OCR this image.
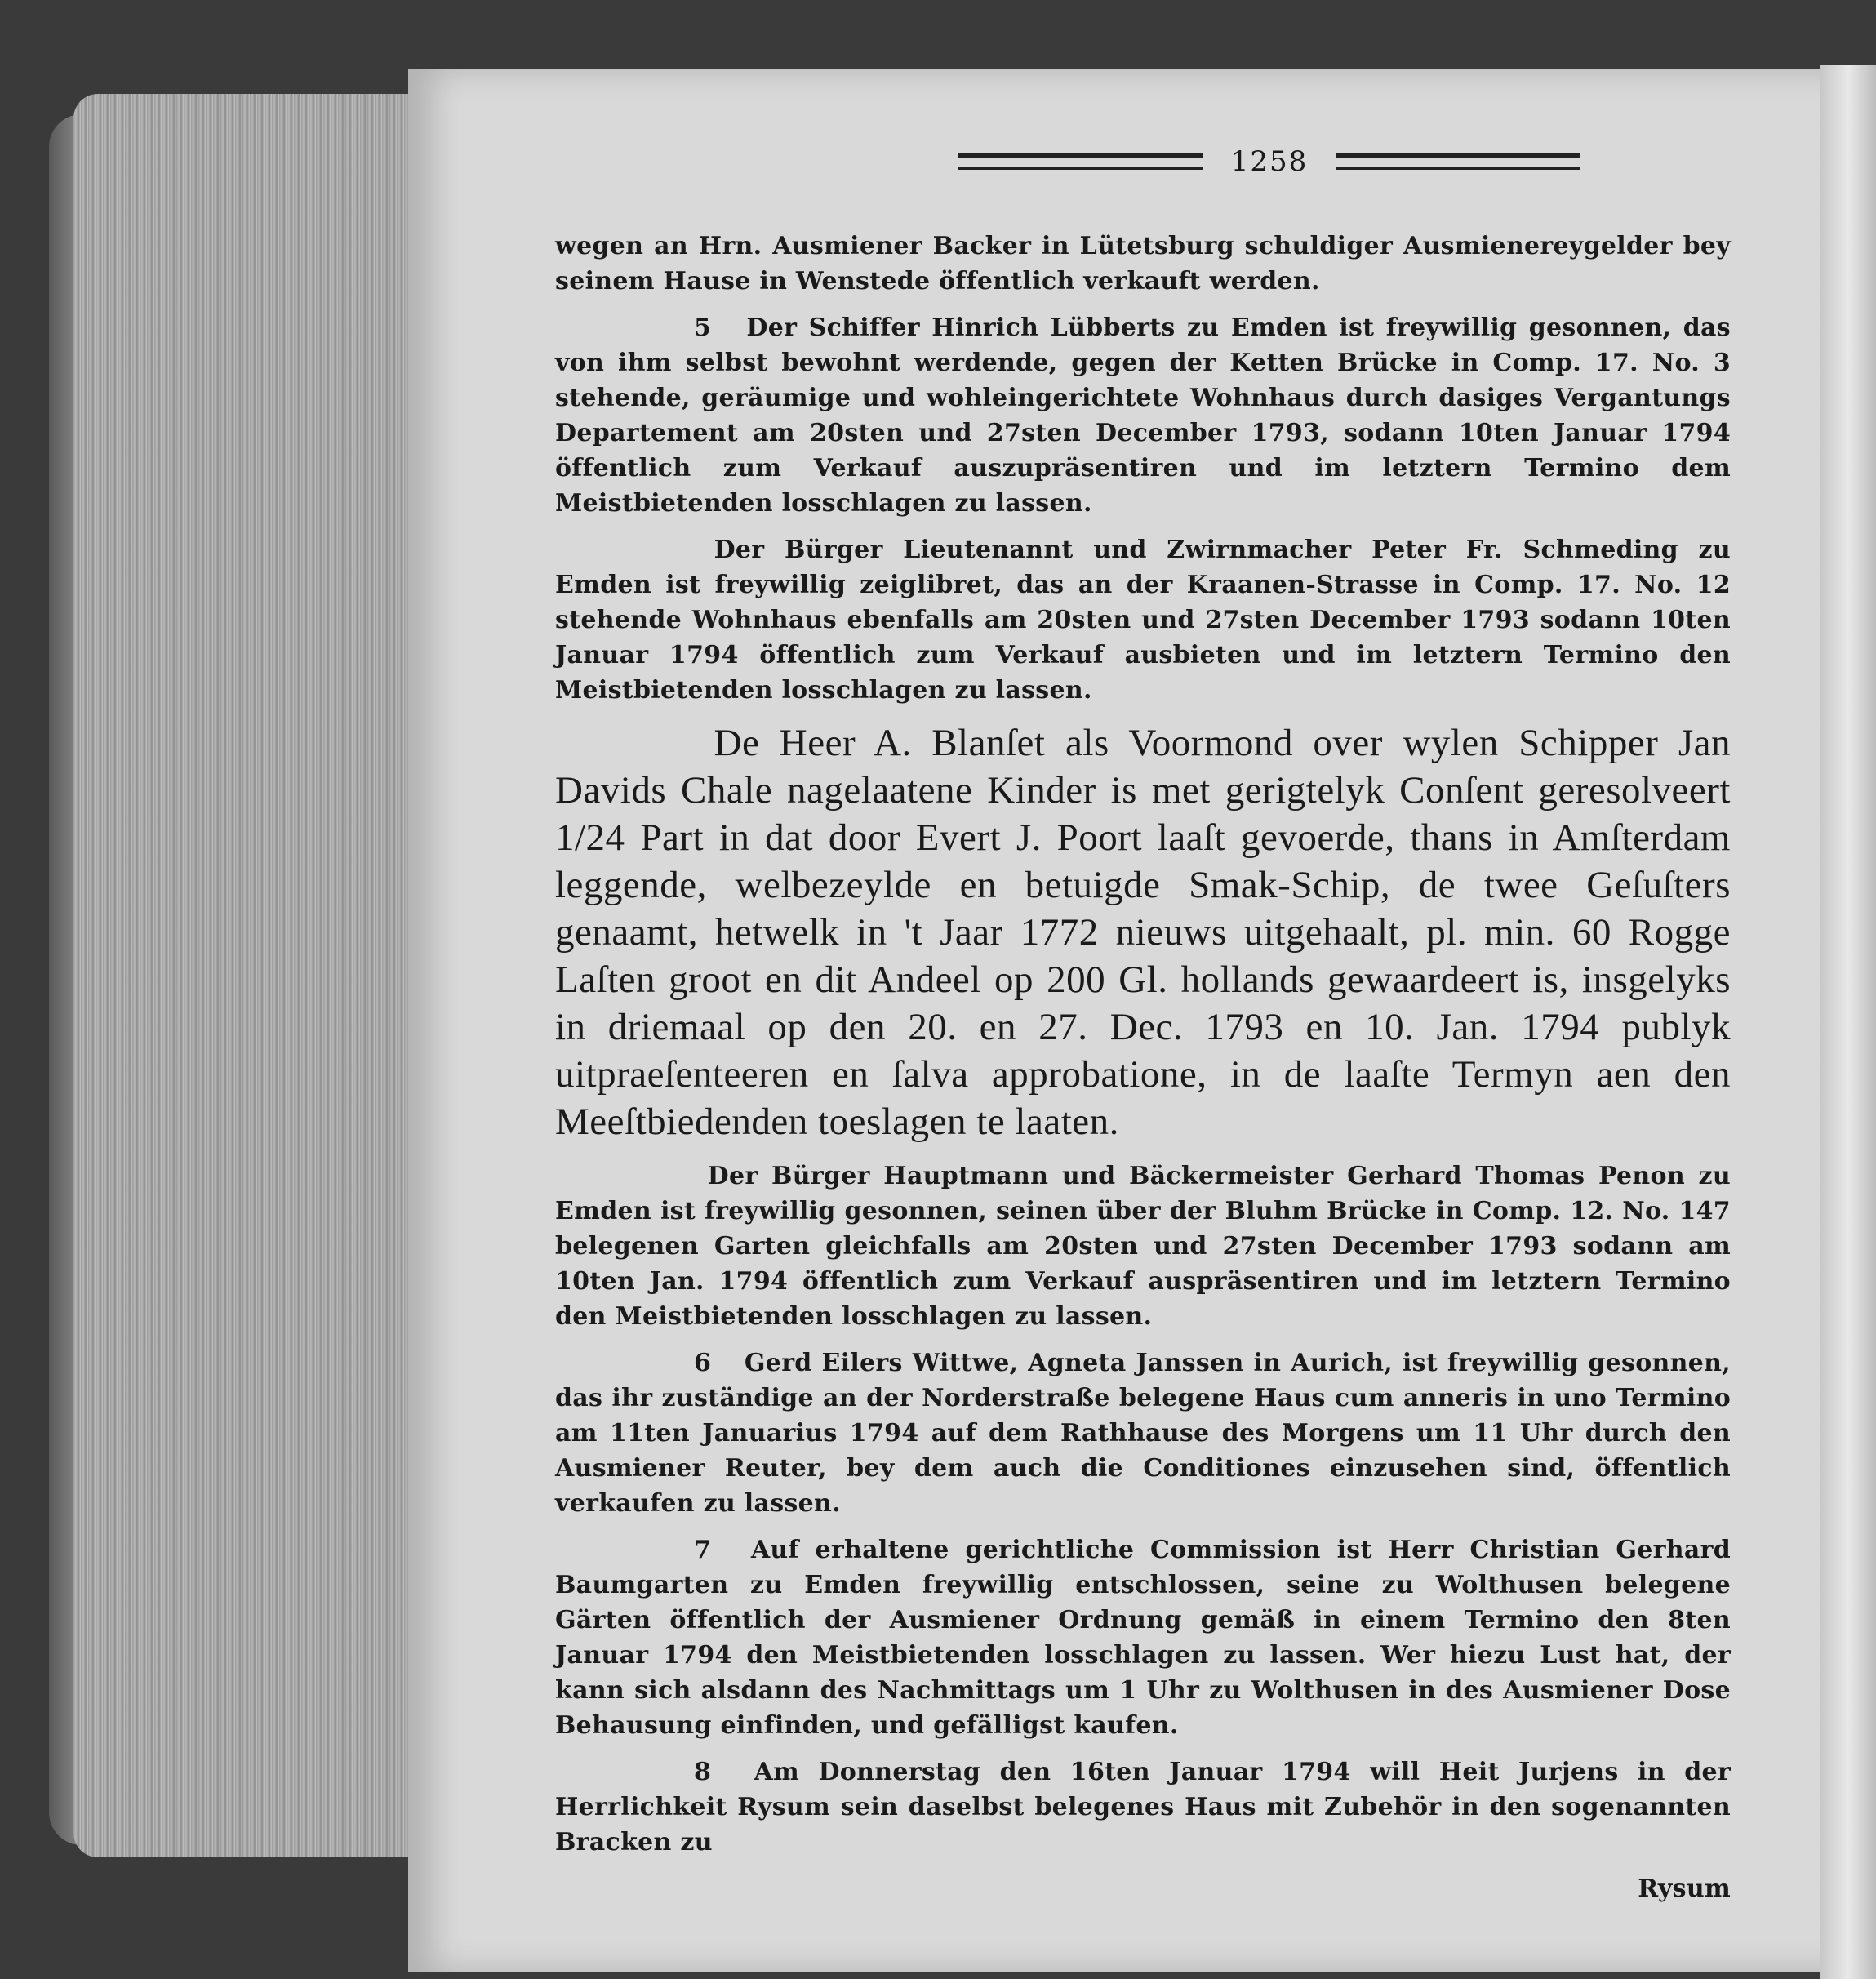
1258

wegen an Hrn. Ausmiener Backer in Lütetsburg schuldiger Ausmienereygelder bey seinem Hause in Wenstede öffentlich verkauft werden.

5 Der Schiffer Hinrich Lübberts zu Emden ist freywillig gesonnen, das von ihm selbst bewohnt werdende, gegen der Ketten Brücke in Comp. 17. No. 3 stehende, geräumige und wohleingerichtete Wohnhaus durch dasiges Vergantungs Departement am 20sten und 27sten December 1793, sodann 10ten Januar 1794 öffentlich zum Verkauf auszupräsentiren und im letztern Termino dem Meistbietenden losschlagen zu lassen.

Der Bürger Lieutenannt und Zwirnmacher Peter Fr. Schmeding zu Emden ist freywillig zeiglibret, das an der Kraanen-Strasse in Comp. 17. No. 12 stehende Wohnhaus ebenfalls am 20sten und 27sten December 1793 sodann 10ten Januar 1794 öffentlich zum Verkauf ausbieten und im letztern Termino den Meistbietenden losschlagen zu lassen.

De Heer A. Blanſet als Voormond over wylen Schipper Jan Davids Chale nagelaatene Kinder is met gerigtelyk Conſent geresolveert 1/24 Part in dat door Evert J. Poort laaſt gevoerde, thans in Amſterdam leggende, welbezeylde en betuigde Smak-Schip, de twee Geſuſters genaamt, hetwelk in 't Jaar 1772 nieuws uitgehaalt, pl. min. 60 Rogge Laſten groot en dit Andeel op 200 Gl. hollands gewaardeert is, insgelyks in driemaal op den 20. en 27. Dec. 1793 en 10. Jan. 1794 publyk uitpraeſenteeren en ſalva approbatione, in de laaſte Termyn aen den Meeſtbiedenden toeslagen te laaten.

Der Bürger Hauptmann und Bäckermeister Gerhard Thomas Penon zu Emden ist freywillig gesonnen, seinen über der Bluhm Brücke in Comp. 12. No. 147 belegenen Garten gleichfalls am 20sten und 27sten December 1793 sodann am 10ten Jan. 1794 öffentlich zum Verkauf auspräsentiren und im letztern Termino den Meistbietenden losschlagen zu lassen.

6 Gerd Eilers Wittwe, Agneta Janssen in Aurich, ist freywillig gesonnen, das ihr zuständige an der Norderstraße belegene Haus cum anneris in uno Termino am 11ten Januarius 1794 auf dem Rathhause des Morgens um 11 Uhr durch den Ausmiener Reuter, bey dem auch die Conditiones einzusehen sind, öffentlich verkaufen zu lassen.

7 Auf erhaltene gerichtliche Commission ist Herr Christian Gerhard Baumgarten zu Emden freywillig entschlossen, seine zu Wolthusen belegene Gärten öffentlich der Ausmiener Ordnung gemäß in einem Termino den 8ten Januar 1794 den Meistbietenden losschlagen zu lassen. Wer hiezu Lust hat, der kann sich alsdann des Nachmittags um 1 Uhr zu Wolthusen in des Ausmiener Dose Behausung einfinden, und gefälligst kaufen.

8 Am Donnerstag den 16ten Januar 1794 will Heit Jurjens in der Herrlichkeit Rysum sein daselbst belegenes Haus mit Zubehör in den sogenannten Bracken zu

Rysum
